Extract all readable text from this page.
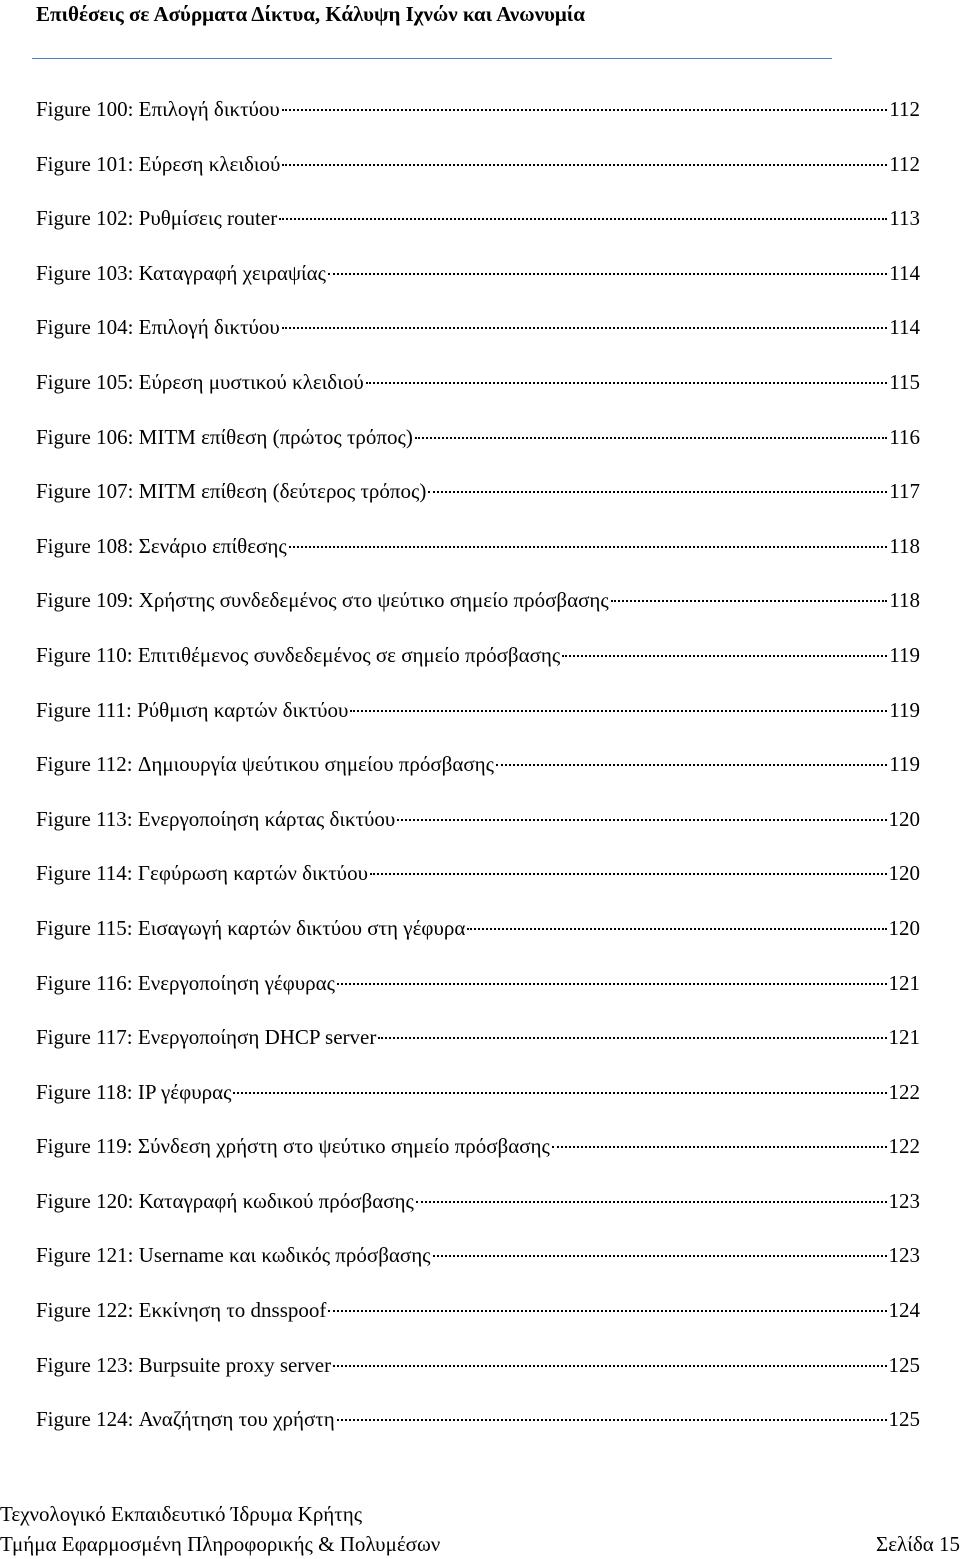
Επιθέσεις σε Ασύρματα Δίκτυα, Κάλυψη Ιχνών και Ανωνυμία
Figure 100: Επιλογή δικτύου	112
Figure 101: Εύρεση κλειδιού	112
Figure 102: Ρυθμίσεις router	113
Figure 103: Καταγραφή χειραψίας	114
Figure 104: Επιλογή δικτύου	114
Figure 105: Εύρεση μυστικού κλειδιού	115
Figure 106: MITM επίθεση (πρώτος τρόπος)	116
Figure 107: MITM επίθεση (δεύτερος τρόπος)	117
Figure 108: Σενάριο επίθεσης	118
Figure 109: Χρήστης συνδεδεμένος στο ψεύτικο σημείο πρόσβασης	118
Figure 110: Επιτιθέμενος συνδεδεμένος σε σημείο πρόσβασης	119
Figure 111: Ρύθμιση καρτών δικτύου	119
Figure 112: Δημιουργία ψεύτικου σημείου πρόσβασης	119
Figure 113: Ενεργοποίηση κάρτας δικτύου	120
Figure 114: Γεφύρωση καρτών δικτύου	120
Figure 115: Εισαγωγή καρτών δικτύου στη γέφυρα	120
Figure 116: Ενεργοποίηση γέφυρας	121
Figure 117: Ενεργοποίηση DHCP server	121
Figure 118: IP γέφυρας	122
Figure 119: Σύνδεση χρήστη στο ψεύτικο σημείο πρόσβασης	122
Figure 120: Καταγραφή κωδικού πρόσβασης	123
Figure 121: Username και κωδικός πρόσβασης	123
Figure 122: Εκκίνηση το dnsspoof	124
Figure 123: Burpsuite proxy server	125
Figure 124: Αναζήτηση του χρήστη	125
Τεχνολογικό Εκπαιδευτικό Ίδρυμα Κρήτης
Τμήμα Εφαρμοσμένη Πληροφορικής & Πολυμέσων	Σελίδα 15
